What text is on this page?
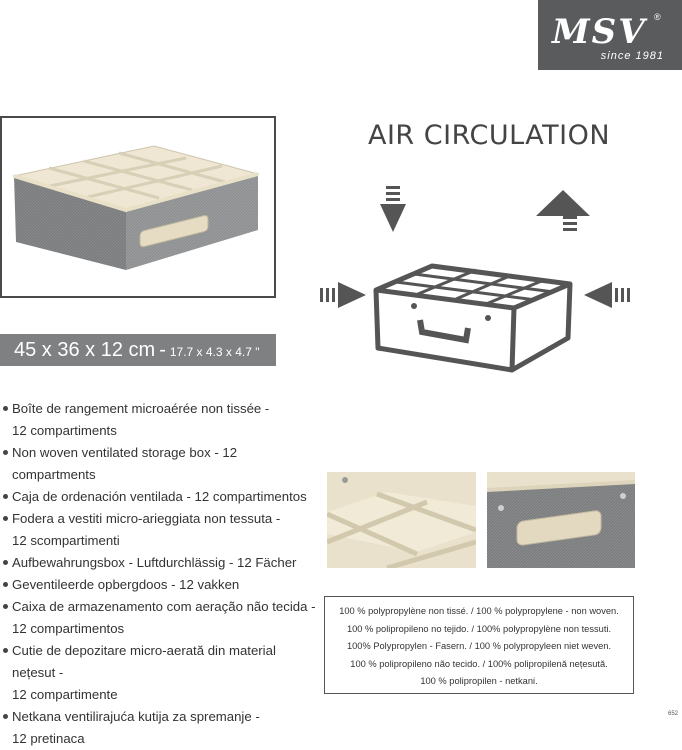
MSV ®
since 1981
AIR CIRCULATION
45 x 36 x 12 cm - 17.7 x 4.3 x 4.7 "
Boîte de rangement microaérée non tissée -
12 compartiments
Non woven ventilated storage box - 12 compartments
Caja de ordenación ventilada - 12 compartimentos
Fodera a vestiti micro-arieggiata non tessuta -
12 scompartimenti
Aufbewahrungsbox - Luftdurchlässig - 12 Fächer
Geventileerde opbergdoos - 12 vakken
Caixa de armazenamento com aeração não tecida -
12 compartimentos
Cutie de depozitare micro-aerată din material nețesut -
12 compartimente
Netkana ventilirajuća kutija za spremanje -
12 pretinaca

100 % polypropylène non tissé. / 100 % polypropylene - non woven.

100 % polipropileno no tejido. / 100% polypropylène non tessuti.

100% Polypropylen - Fasern. / 100 % polypropyleen niet weven.

100 % polipropileno não tecido. / 100% polipropilenă nețesută.

100 % polipropilen - netkani.

652
